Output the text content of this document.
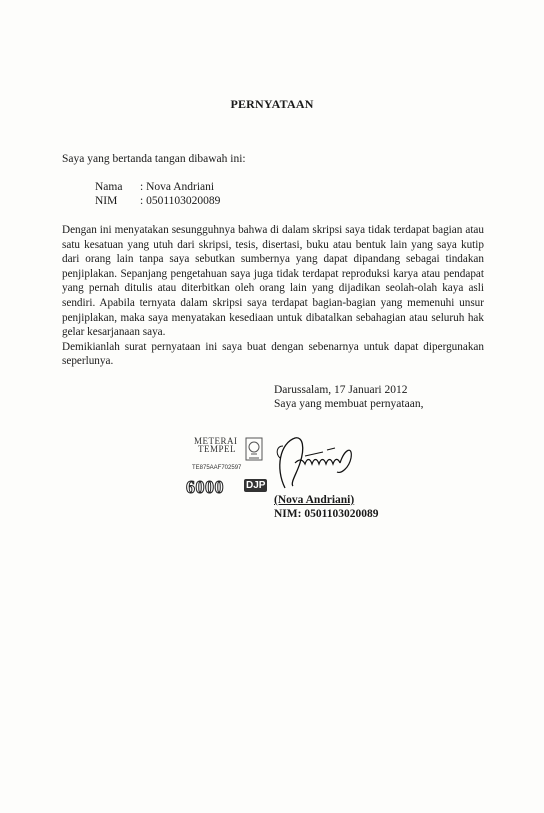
PERNYATAAN
Saya yang bertanda tangan dibawah ini:
Nama : Nova Andriani
NIM : 0501103020089

Dengan ini menyatakan sesungguhnya bahwa di dalam skripsi saya tidak terdapat bagian atau satu kesatuan yang utuh dari skripsi, tesis, disertasi, buku atau bentuk lain yang saya kutip dari orang lain tanpa saya sebutkan sumbernya yang dapat dipandang sebagai tindakan penjiplakan. Sepanjang pengetahuan saya juga tidak terdapat reproduksi karya atau pendapat yang pernah ditulis atau diterbitkan oleh orang lain yang dijadikan seolah-olah kaya asli sendiri. Apabila ternyata dalam skripsi saya terdapat bagian-bagian yang memenuhi unsur penjiplakan, maka saya menyatakan kesediaan untuk dibatalkan sebahagian atau seluruh hak gelar kesarjanaan saya.

Demikianlah surat pernyataan ini saya buat dengan sebenarnya untuk dapat dipergunakan seperlunya.

Darussalam, 17 Januari 2012
Saya yang membuat pernyataan,
METERAI
TEMPEL
TE875AAF702597
6000 DJP
(Nova Andriani)
NIM: 0501103020089
